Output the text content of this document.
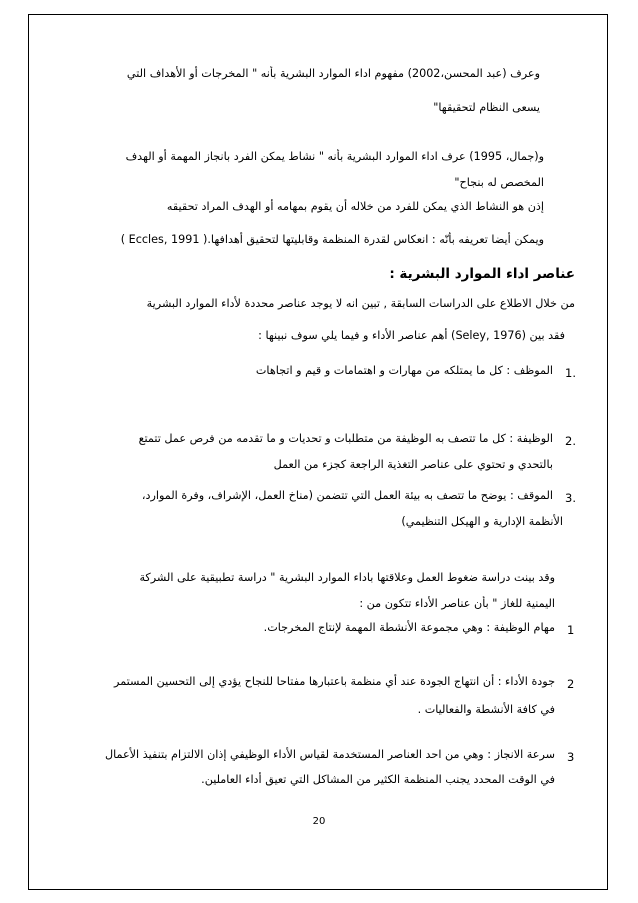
وعرف (عبد المحسن،2002) مفهوم اداء الموارد البشرية بأنه " المخرجات أو الأهداف التي
يسعى النظام لتحقيقها"
و(جمال، 1995) عرف اداء الموارد البشرية بأنه " نشاط يمكن الفرد بانجاز المهمة أو الهدف
المخصص له بنجاح"
إذن هو النشاط الذي يمكن للفرد من خلاله أن يقوم بمهامه أو الهدف المراد تحقيقه
ويمكن أيضا تعريفه بأنّه : انعكاس لقدرة المنظمة وقابليتها لتحقيق أهدافها.( Eccles, 1991 )
عناصر اداء الموارد البشرية :
من خلال الاطلاع على الدراسات السابقة , تبين انه لا يوجد عناصر محددة لأداء الموارد البشرية
فقد بين (Seley, 1976) أهم عناصر الأداء و فيما يلي سوف نبينها :
1.
الموظف : كل ما يمتلكه من مهارات و اهتمامات و قيم و اتجاهات
2.
الوظيفة : كل ما تتصف به الوظيفة من متطلبات و تحديات و ما تقدمه من فرص عمل تتمتع
بالتحدي و تحتوي على عناصر التغذية الراجعة كجزء من العمل
3.
الموقف : يوضح ما تتصف به بيئة العمل التي تتضمن (مناخ العمل، الإشراف، وفرة الموارد،
الأنظمة الإدارية و الهيكل التنظيمي)
وقد بينت دراسة ضغوط العمل وعلاقتها باداء الموارد البشرية " دراسة تطبيقية على الشركة
اليمنية للغاز " بأن عناصر الأداء تتكون من :
1
مهام الوظيفة : وهي مجموعة الأنشطة المهمة لإنتاج المخرجات.
2
جودة الأداء : أن انتهاج الجودة عند أي منظمة باعتبارها مفتاحا للنجاح يؤدي إلى التحسين المستمر
في كافة الأنشطة والفعاليات .
3
سرعة الانجاز : وهي من احد العناصر المستخدمة لقياس الأداء الوظيفي إذان الالتزام بتنفيذ الأعمال
في الوقت المحدد يجنب المنظمة الكثير من المشاكل التي تعيق أداء العاملين.
20
